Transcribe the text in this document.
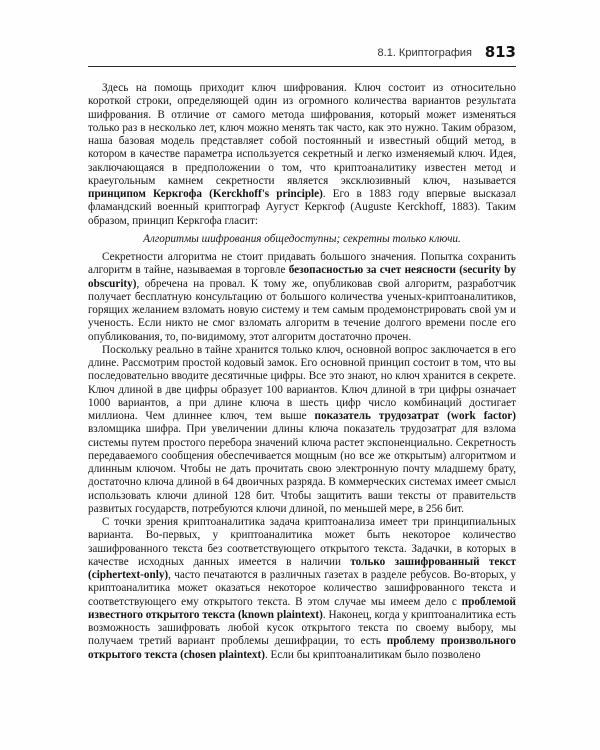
8.1. Криптография 813

Здесь на помощь приходит ключ шифрования. Ключ состоит из относительно короткой строки, определяющей один из огромного количества вариантов результата шифрования. В отличие от самого метода шифрования, который может изменяться только раз в несколько лет, ключ можно менять так часто, как это нужно. Таким образом, наша базовая модель представляет собой постоянный и известный общий метод, в котором в качестве параметра используется секретный и легко изменяемый ключ. Идея, заключающаяся в предположении о том, что криптоаналитику известен метод и краеугольным камнем секретности является эксклюзивный ключ, называется принципом Керкгофа (Kerckhoff's principle). Его в 1883 году впервые высказал фламандский военный криптограф Аугуст Керкгоф (Auguste Kerckhoff, 1883). Таким образом, принцип Керкгофа гласит:

Алгоритмы шифрования общедоступны; секретны только ключи.

Секретности алгоритма не стоит придавать большого значения. Попытка сохранить алгоритм в тайне, называемая в торговле безопасностью за счет неясности (security by obscurity), обречена на провал. К тому же, опубликовав свой алгоритм, разработчик получает бесплатную консультацию от большого количества ученых-криптоаналитиков, горящих желанием взломать новую систему и тем самым продемонстрировать свой ум и ученость. Если никто не смог взломать алгоритм в течение долгого времени после его опубликования, то, по-видимому, этот алгоритм достаточно прочен.

Поскольку реально в тайне хранится только ключ, основной вопрос заключается в его длине. Рассмотрим простой кодовый замок. Его основной принцип состоит в том, что вы последовательно вводите десятичные цифры. Все это знают, но ключ хранится в секрете. Ключ длиной в две цифры образует 100 вариантов. Ключ длиной в три цифры означает 1000 вариантов, а при длине ключа в шесть цифр число комбинаций достигает миллиона. Чем длиннее ключ, тем выше показатель трудозатрат (work factor) взломщика шифра. При увеличении длины ключа показатель трудозатрат для взлома системы путем простого перебора значений ключа растет экспоненциально. Секретность передаваемого сообщения обеспечивается мощным (но все же открытым) алгоритмом и длинным ключом. Чтобы не дать прочитать свою электронную почту младшему брату, достаточно ключа длиной в 64 двоичных разряда. В коммерческих системах имеет смысл использовать ключи длиной 128 бит. Чтобы защитить ваши тексты от правительств развитых государств, потребуются ключи длиной, по меньшей мере, в 256 бит.

С точки зрения криптоаналитика задача криптоанализа имеет три принципиальных варианта. Во-первых, у криптоаналитика может быть некоторое количество зашифрованного текста без соответствующего открытого текста. Задачки, в которых в качестве исходных данных имеется в наличии только зашифрованный текст (ciphertext-only), часто печатаются в различных газетах в разделе ребусов. Во-вторых, у криптоаналитика может оказаться некоторое количество зашифрованного текста и соответствующего ему открытого текста. В этом случае мы имеем дело с проблемой известного открытого текста (known plaintext). Наконец, когда у криптоаналитика есть возможность зашифровать любой кусок открытого текста по своему выбору, мы получаем третий вариант проблемы дешифрации, то есть проблему произвольного открытого текста (chosen plaintext). Если бы криптоаналитикам было позволено
